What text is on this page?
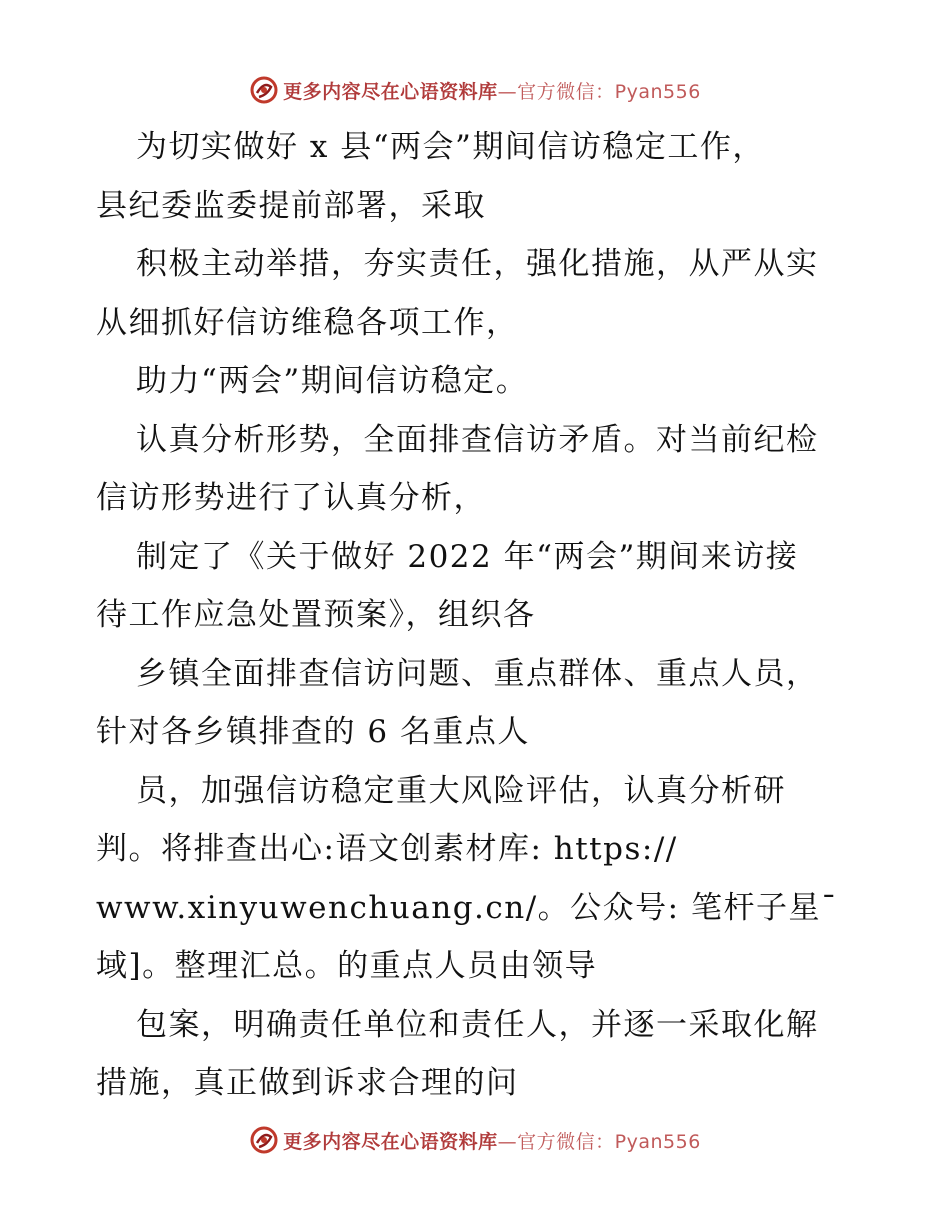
更多内容尽在心语资料库—官方微信：Pyan556
为切实做好 x 县“两会”期间信访稳定工作，
县纪委监委提前部署，采取
积极主动举措，夯实责任，强化措施，从严从实
从细抓好信访维稳各项工作，
助力“两会”期间信访稳定。
认真分析形势，全面排查信访矛盾。对当前纪检
信访形势进行了认真分析，
制定了《关于做好 2022 年“两会”期间来访接
待工作应急处置预案》，组织各
乡镇全面排查信访问题、重点群体、重点人员，
针对各乡镇排查的 6 名重点人
员，加强信访稳定重大风险评估，认真分析研
判。将排查出心:语文创素材库: https://
www.xinyuwenchuang.cn/。公众号: 笔杆子星¯
域]。整理汇总。的重点人员由领导
包案，明确责任单位和责任人，并逐一采取化解
措施，真正做到诉求合理的问
更多内容尽在心语资料库—官方微信：Pyan556
